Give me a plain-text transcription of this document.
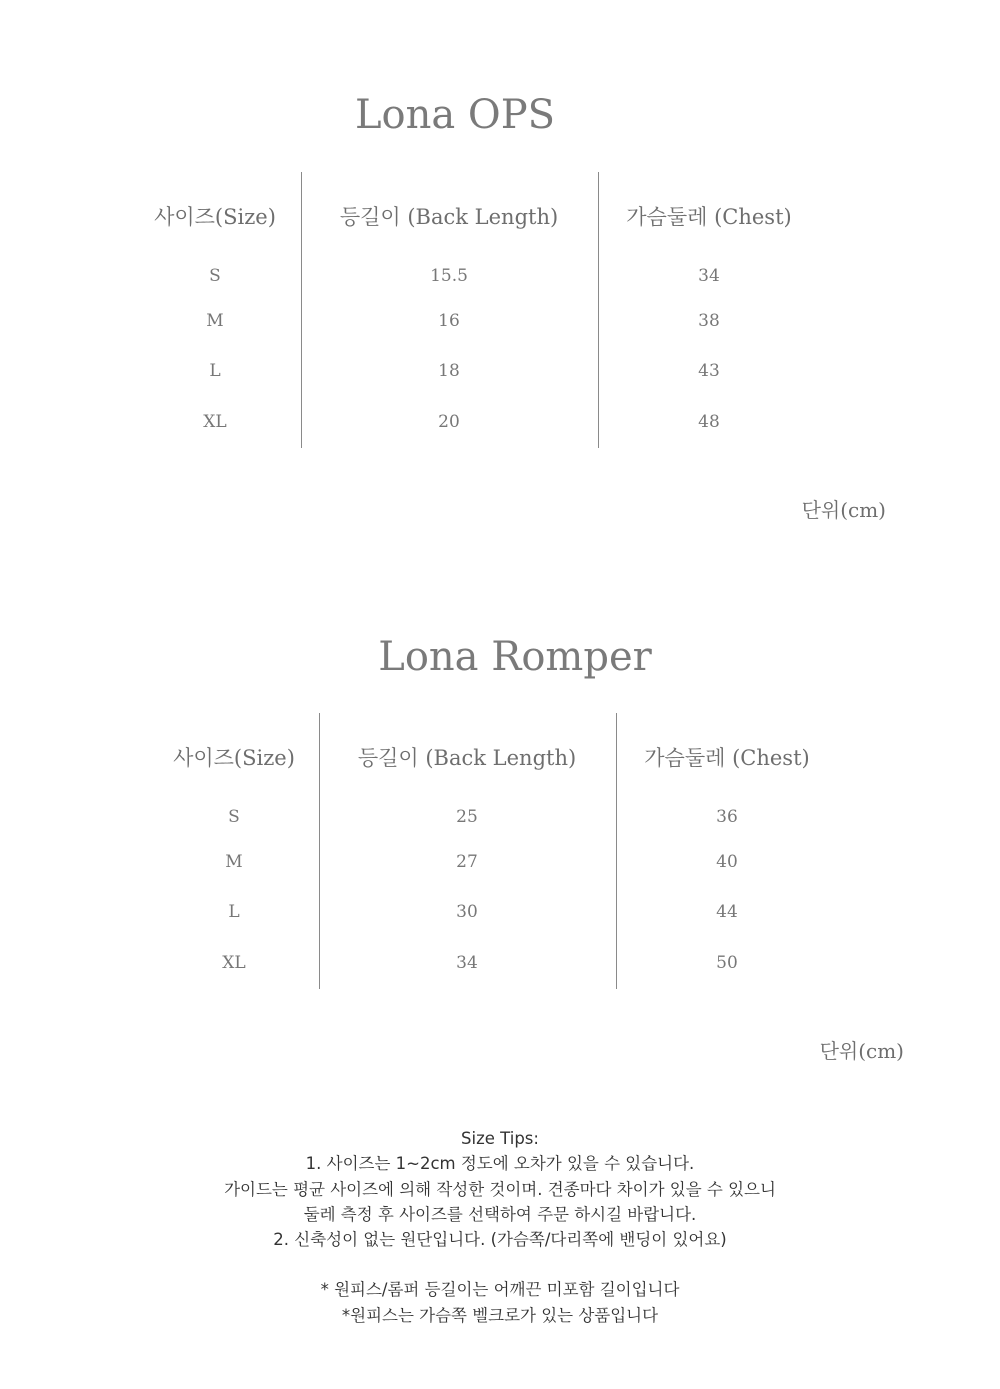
Lona OPS
사이즈(Size)	등길이 (Back Length)	가슴둘레 (Chest)
S	15.5	34
M	16	38
L	18	43
XL	20	48
단위(cm)
Lona Romper
사이즈(Size)	등길이 (Back Length)	가슴둘레 (Chest)
S	25	36
M	27	40
L	30	44
XL	34	50
단위(cm)
Size Tips:
1. 사이즈는 1~2cm 정도에 오차가 있을 수 있습니다.
가이드는 평균 사이즈에 의해 작성한 것이며. 견종마다 차이가 있을 수 있으니
둘레 측정 후 사이즈를 선택하여 주문 하시길 바랍니다.
2. 신축성이 없는 원단입니다. (가슴쪽/다리쪽에 밴딩이 있어요)
* 원피스/롬퍼 등길이는 어깨끈 미포함 길이입니다
*원피스는 가슴쪽 벨크로가 있는 상품입니다
